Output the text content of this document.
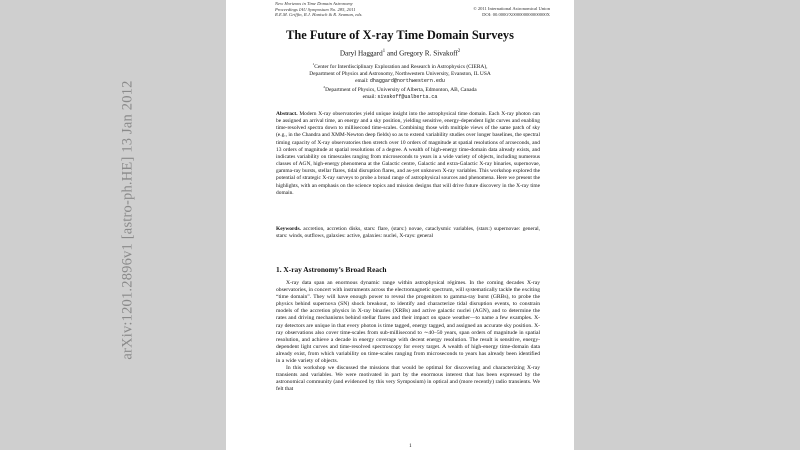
arXiv:1201.2896v1 [astro-ph.HE] 13 Jan 2012
New Horizons in Time Domain Astronomy
Proceedings IAU Symposium No. 285, 2011
R.E.M. Griffin, R.J. Hanisch & R. Seaman, eds.
© 2011 International Astronomical Union
DOI: 00.0000/X000000000000000X
The Future of X-ray Time Domain Surveys
Daryl Haggard$^1$ and Gregory R. Sivakoff$^2$
$^1$Center for Interdisciplinary Exploration and Research in Astrophysics (CIERA),
Department of Physics and Astronomy, Northwestern University, Evanston, IL USA
email: dhaggard@northwestern.edu
$^2$Department of Physics, University of Alberta, Edmonton, AB, Canada
email: sivakoff@ualberta.ca
Abstract. Modern X-ray observatories yield unique insight into the astrophysical time domain. Each X-ray photon can be assigned an arrival time, an energy and a sky position, yielding sensitive, energy-dependent light curves and enabling time-resolved spectra down to millisecond time-scales. Combining those with multiple views of the same patch of sky (e.g., in the Chandra and XMM-Newton deep fields) so as to extend variability studies over longer baselines, the spectral timing capacity of X-ray observatories then stretch over 10 orders of magnitude at spatial resolutions of arcseconds, and 13 orders of magnitude at spatial resolutions of a degree. A wealth of high-energy time-domain data already exists, and indicates variability on timescales ranging from microseconds to years in a wide variety of objects, including numerous classes of AGN, high-energy phenomena at the Galactic centre, Galactic and extra-Galactic X-ray binaries, supernovae, gamma-ray bursts, stellar flares, tidal disruption flares, and as-yet unknown X-ray variables. This workshop explored the potential of strategic X-ray surveys to probe a broad range of astrophysical sources and phenomena. Here we present the highlights, with an emphasis on the science topics and mission designs that will drive future discovery in the X-ray time domain.
Keywords. accretion, accretion disks, stars: flare, (stars:) novae, cataclysmic variables, (stars:) supernovae: general, stars: winds, outflows, galaxies: active, galaxies: nuclei, X-rays: general
1. X-ray Astronomy’s Broad Reach

X-ray data span an enormous dynamic range within astrophysical régimes. In the coming decades X-ray observatories, in concert with instruments across the electromagnetic spectrum, will systematically tackle the exciting “time domain”. They will have enough power to reveal the progenitors to gamma-ray burst (GRBs), to probe the physics behind supernova (SN) shock breakout, to identify and characterize tidal disruption events, to constrain models of the accretion physics in X-ray binaries (XRBs) and active galactic nuclei (AGN), and to determine the rates and driving mechanisms behind stellar flares and their impact on space weather—to name a few examples. X-ray detectors are unique in that every photon is time tagged, energy tagged, and assigned an accurate sky position. X-ray observations also cover time-scales from sub-millisecond to ∼40–50 years, span orders of magnitude in spatial resolution, and achieve a decade in energy coverage with decent energy resolution. The result is sensitive, energy-dependent light curves and time-resolved spectroscopy for every target. A wealth of high-energy time-domain data already exist, from which variability on time-scales ranging from microseconds to years has already been identified in a wide variety of objects.

In this workshop we discussed the missions that would be optimal for discovering and characterizing X-ray transients and variables. We were motivated in part by the enormous interest that has been expressed by the astronomical community (and evidenced by this very Symposium) in optical and (more recently) radio transients. We felt that

1
